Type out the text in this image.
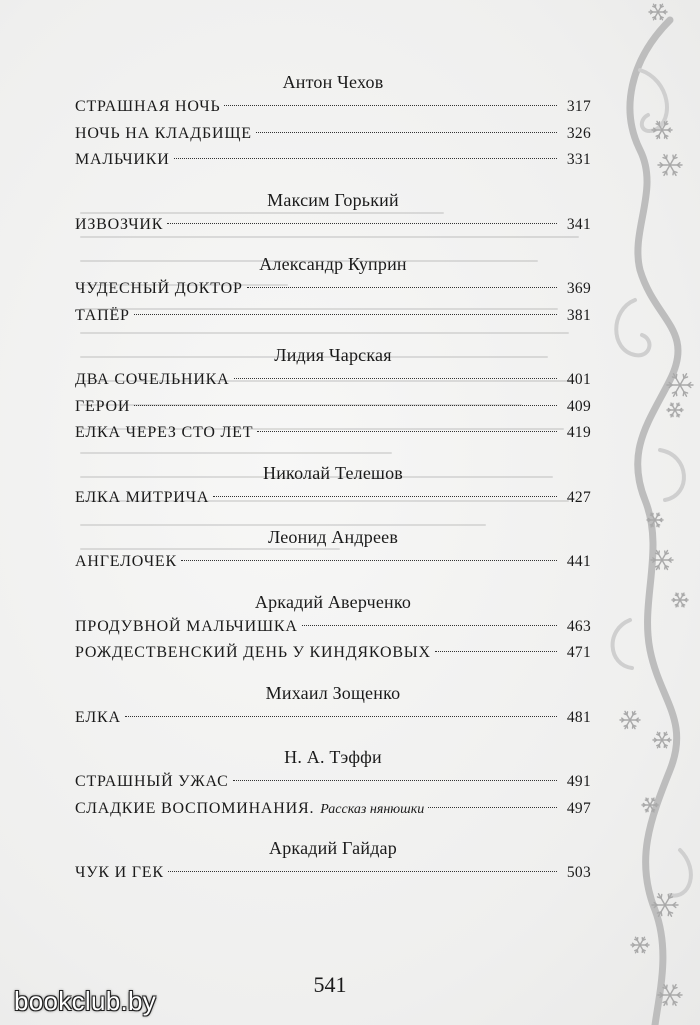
Антон Чехов
СТРАШНАЯ НОЧЬ	317
НОЧЬ НА КЛАДБИЩЕ	326
МАЛЬЧИКИ	331
Максим Горький
ИЗВОЗЧИК	341
Александр Куприн
ЧУДЕСНЫЙ ДОКТОР	369
ТАПЁР	381
Лидия Чарская
ДВА СОЧЕЛЬНИКА	401
ГЕРОИ	409
ЕЛКА ЧЕРЕЗ СТО ЛЕТ	419
Николай Телешов
ЕЛКА МИТРИЧА	427
Леонид Андреев
АНГЕЛОЧЕК	441
Аркадий Аверченко
ПРОДУВНОЙ МАЛЬЧИШКА	463
РОЖДЕСТВЕНСКИЙ ДЕНЬ У КИНДЯКОВЫХ	471
Михаил Зощенко
ЕЛКА	481
Н. А. Тэффи
СТРАШНЫЙ УЖАС	491
СЛАДКИЕ ВОСПОМИНАНИЯ. Рассказ нянюшки	497
Аркадий Гайдар
ЧУК И ГЕК	503
541
bookclub.by
